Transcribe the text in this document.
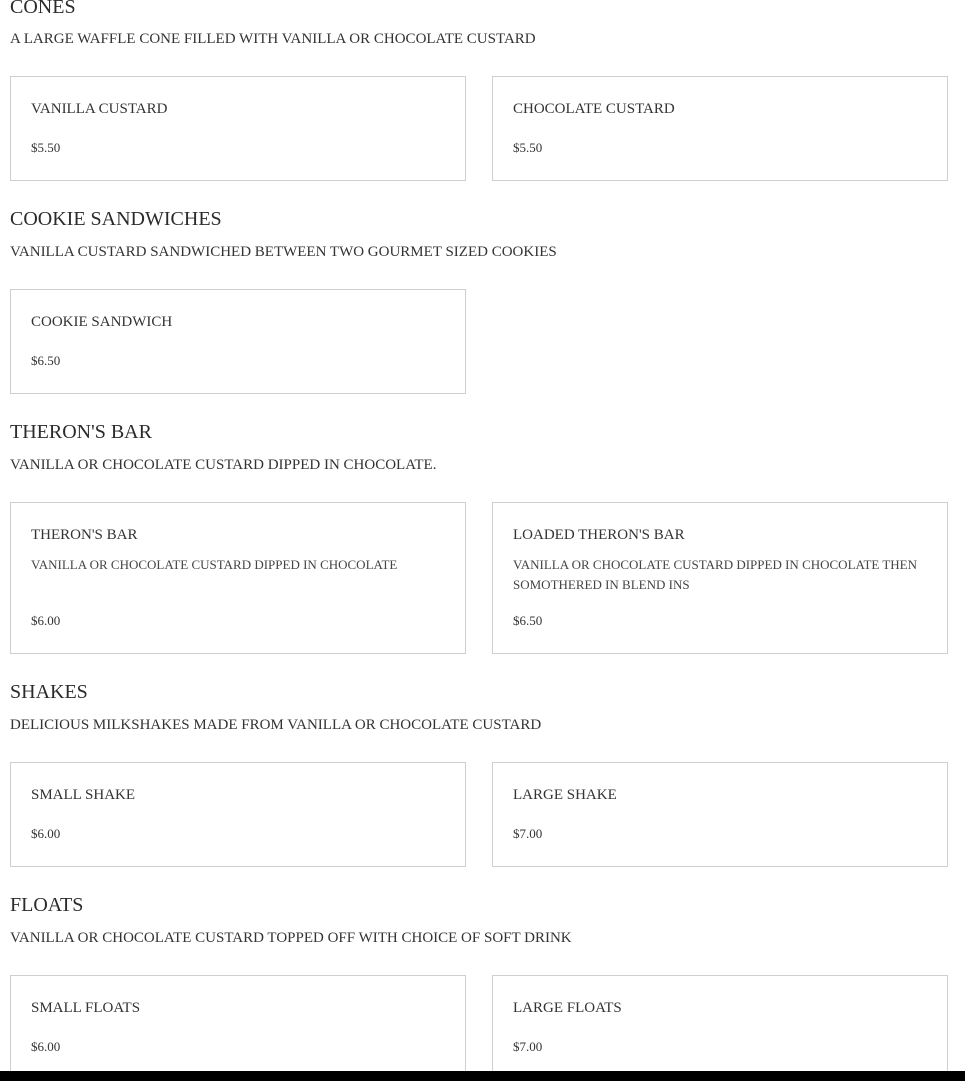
CONES
A LARGE WAFFLE CONE FILLED WITH VANILLA OR CHOCOLATE CUSTARD
VANILLA CUSTARD
$5.50
CHOCOLATE CUSTARD
$5.50
COOKIE SANDWICHES
VANILLA CUSTARD SANDWICHED BETWEEN TWO GOURMET SIZED COOKIES
COOKIE SANDWICH
$6.50
THERON'S BAR
VANILLA OR CHOCOLATE CUSTARD DIPPED IN CHOCOLATE.
THERON'S BAR
VANILLA OR CHOCOLATE CUSTARD DIPPED IN CHOCOLATE
$6.00
LOADED THERON'S BAR
VANILLA OR CHOCOLATE CUSTARD DIPPED IN CHOCOLATE THEN SOMOTHERED IN BLEND INS
$6.50
SHAKES
DELICIOUS MILKSHAKES MADE FROM VANILLA OR CHOCOLATE CUSTARD
SMALL SHAKE
$6.00
LARGE SHAKE
$7.00
FLOATS
VANILLA OR CHOCOLATE CUSTARD TOPPED OFF WITH CHOICE OF SOFT DRINK
SMALL FLOATS
$6.00
LARGE FLOATS
$7.00
